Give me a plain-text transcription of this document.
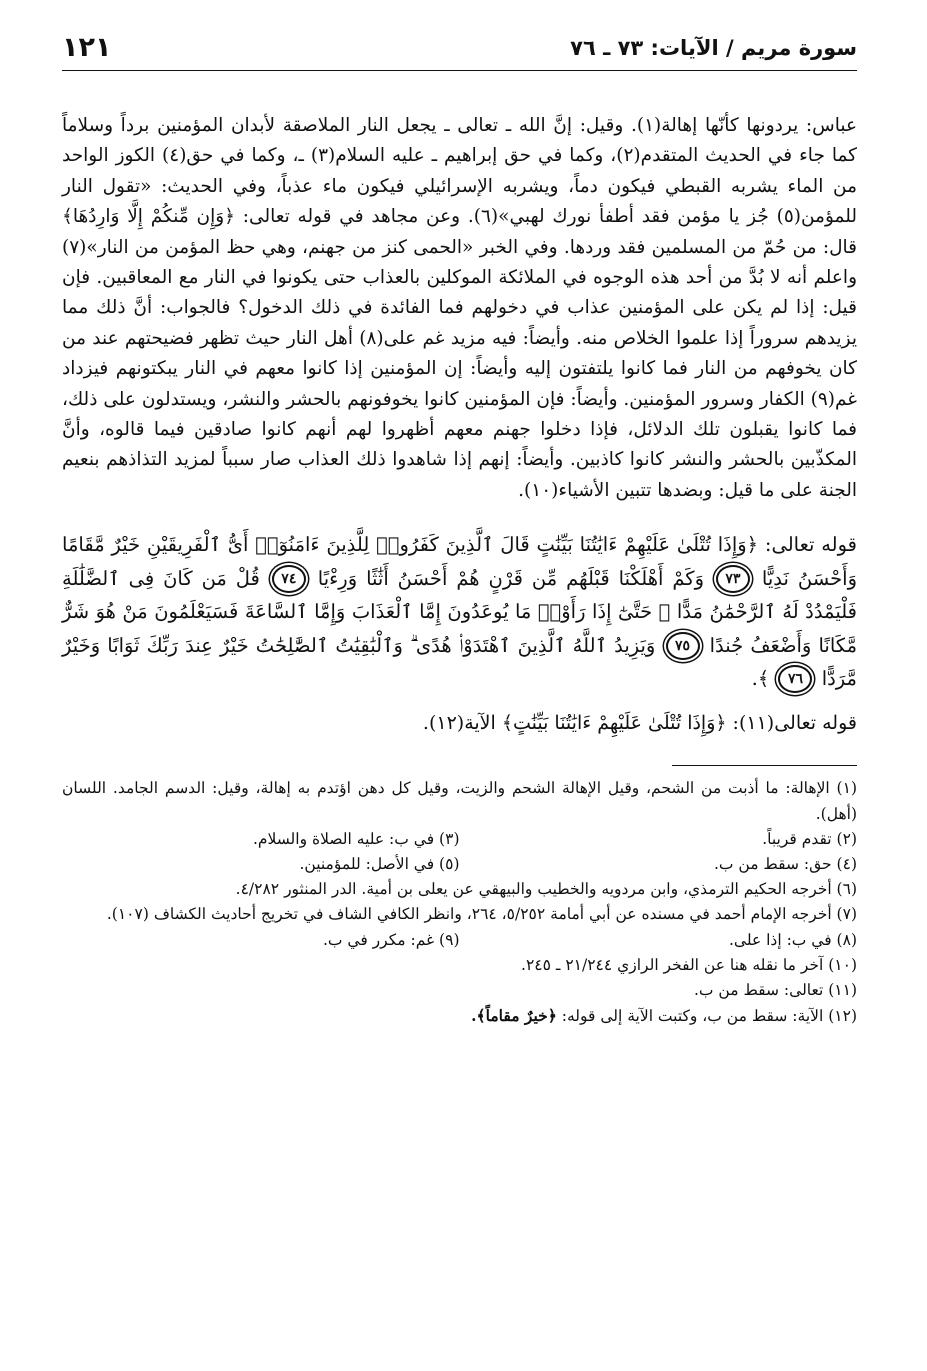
سورة مريم / الآيات: ٧٣ ـ ٧٦
١٢١

عباس: يردونها كأنّها إهالة(١). وقيل: إنَّ الله ـ تعالى ـ يجعل النار الملاصقة لأبدان المؤمنين برداً وسلاماً كما جاء في الحديث المتقدم(٢)، وكما في حق إبراهيم ـ عليه السلام(٣) ـ، وكما في حق(٤) الكوز الواحد من الماء يشربه القبطي فيكون دماً، ويشربه الإسرائيلي فيكون ماء عذباً، وفي الحديث: «تقول النار للمؤمن(٥) جُز يا مؤمن فقد أطفأ نورك لهبي»(٦). وعن مجاهد في قوله تعالى: ﴿وَإِن مِّنكُمْ إِلَّا وَارِدُهَا﴾ قال: من حُمّ من المسلمين فقد وردها. وفي الخبر «الحمى كنز من جهنم، وهي حظ المؤمن من النار»(٧) واعلم أنه لا بُدَّ من أحد هذه الوجوه في الملائكة الموكلين بالعذاب حتى يكونوا في النار مع المعاقبين. فإن قيل: إذا لم يكن على المؤمنين عذاب في دخولهم فما الفائدة في ذلك الدخول؟ فالجواب: أنَّ ذلك مما يزيدهم سروراً إذا علموا الخلاص منه. وأيضاً: فيه مزيد غم على(٨) أهل النار حيث تظهر فضيحتهم عند من كان يخوفهم من النار فما كانوا يلتفتون إليه وأيضاً: إن المؤمنين إذا كانوا معهم في النار يبكتونهم فيزداد غم(٩) الكفار وسرور المؤمنين. وأيضاً: فإن المؤمنين كانوا يخوفونهم بالحشر والنشر، ويستدلون على ذلك، فما كانوا يقبلون تلك الدلائل، فإذا دخلوا جهنم معهم أظهروا لهم أنهم كانوا صادقين فيما قالوه، وأنَّ المكذّبين بالحشر والنشر كانوا كاذبين. وأيضاً: إنهم إذا شاهدوا ذلك العذاب صار سبباً لمزيد التذاذهم بنعيم الجنة على ما قيل: وبضدها تتبين الأشياء(١٠).

قوله تعالى: ﴿وَإِذَا تُتْلَىٰ عَلَيْهِمْ ءَايَٰتُنَا بَيِّنَٰتٍ قَالَ ٱلَّذِينَ كَفَرُوا۟ لِلَّذِينَ ءَامَنُوٓا۟ أَىُّ ٱلْفَرِيقَيْنِ خَيْرٌ مَّقَامًا وَأَحْسَنُ نَدِيًّا ٧٣ وَكَمْ أَهْلَكْنَا قَبْلَهُم مِّن قَرْنٍ هُمْ أَحْسَنُ أَثَٰثًا وَرِءْيًا ٧٤ قُلْ مَن كَانَ فِى ٱلضَّلَٰلَةِ فَلْيَمْدُدْ لَهُ ٱلرَّحْمَٰنُ مَدًّا ۚ حَتَّىٰٓ إِذَا رَأَوْا۟ مَا يُوعَدُونَ إِمَّا ٱلْعَذَابَ وَإِمَّا ٱلسَّاعَةَ فَسَيَعْلَمُونَ مَنْ هُوَ شَرٌّ مَّكَانًا وَأَضْعَفُ جُندًا ٧٥ وَيَزِيدُ ٱللَّهُ ٱلَّذِينَ ٱهْتَدَوْا۟ هُدًى ۗ وَٱلْبَٰقِيَٰتُ ٱلصَّٰلِحَٰتُ خَيْرٌ عِندَ رَبِّكَ ثَوَابًا وَخَيْرٌ مَّرَدًّا ٧٦ ﴾.

قوله تعالى(١١): ﴿وَإِذَا تُتْلَىٰ عَلَيْهِمْ ءَايَٰتُنَا بَيِّنَٰتٍ﴾ الآية(١٢).

(١) الإهالة: ما أذبت من الشحم، وقيل الإهالة الشحم والزيت، وقيل كل دهن اؤتدم به إهالة، وقيل: الدسم الجامد. اللسان (أهل).

(٢) تقدم قريباً.
(٣) في ب: عليه الصلاة والسلام.
(٤) حق: سقط من ب.
(٥) في الأصل: للمؤمنين.

(٦) أخرجه الحكيم الترمذي، وابن مردويه والخطيب والبيهقي عن يعلى بن أمية. الدر المنثور ٤/٢٨٢.

(٧) أخرجه الإمام أحمد في مسنده عن أبي أمامة ٥/٢٥٢، ٢٦٤، وانظر الكافي الشاف في تخريج أحاديث الكشاف (١٠٧).

(٨) في ب: إذا على.
(٩) غم: مكرر في ب.

(١٠) آخر ما نقله هنا عن الفخر الرازي ٢١/٢٤٤ ـ ٢٤٥.

(١١) تعالى: سقط من ب.

(١٢) الآية: سقط من ب، وكتبت الآية إلى قوله: ﴿خيرٌ مقاماً﴾.
